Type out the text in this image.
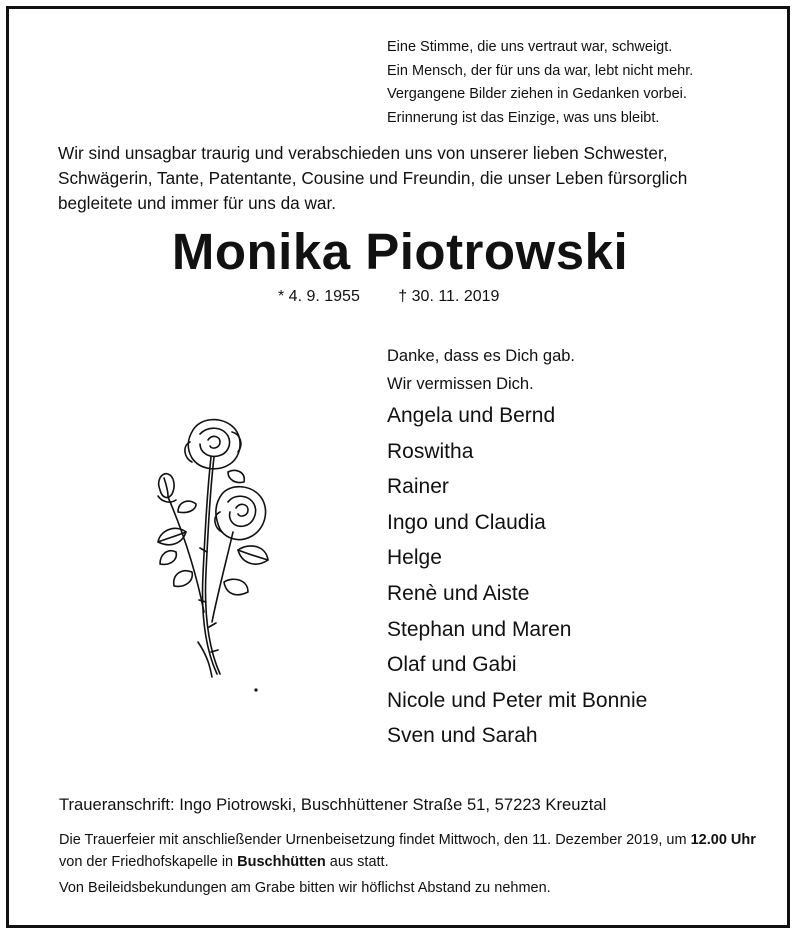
Eine Stimme, die uns vertraut war, schweigt.
Ein Mensch, der für uns da war, lebt nicht mehr.
Vergangene Bilder ziehen in Gedanken vorbei.
Erinnerung ist das Einzige, was uns bleibt.
Wir sind unsagbar traurig und verabschieden uns von unserer lieben Schwester, Schwägerin, Tante, Patentante, Cousine und Freundin, die unser Leben fürsorglich begleitete und immer für uns da war.
Monika Piotrowski
* 4. 9. 1955 † 30. 11. 2019
Danke, dass es Dich gab.
Wir vermissen Dich.
Angela und Bernd
Roswitha
Rainer
Ingo und Claudia
Helge
Renè und Aiste
Stephan und Maren
Olaf und Gabi
Nicole und Peter mit Bonnie
Sven und Sarah
Traueranschrift: Ingo Piotrowski, Buschhüttener Straße 51, 57223 Kreuztal
Die Trauerfeier mit anschließender Urnenbeisetzung findet Mittwoch, den 11. Dezember 2019, um 12.00 Uhr von der Friedhofskapelle in Buschhütten aus statt.
Von Beileidsbekundungen am Grabe bitten wir höflichst Abstand zu nehmen.
